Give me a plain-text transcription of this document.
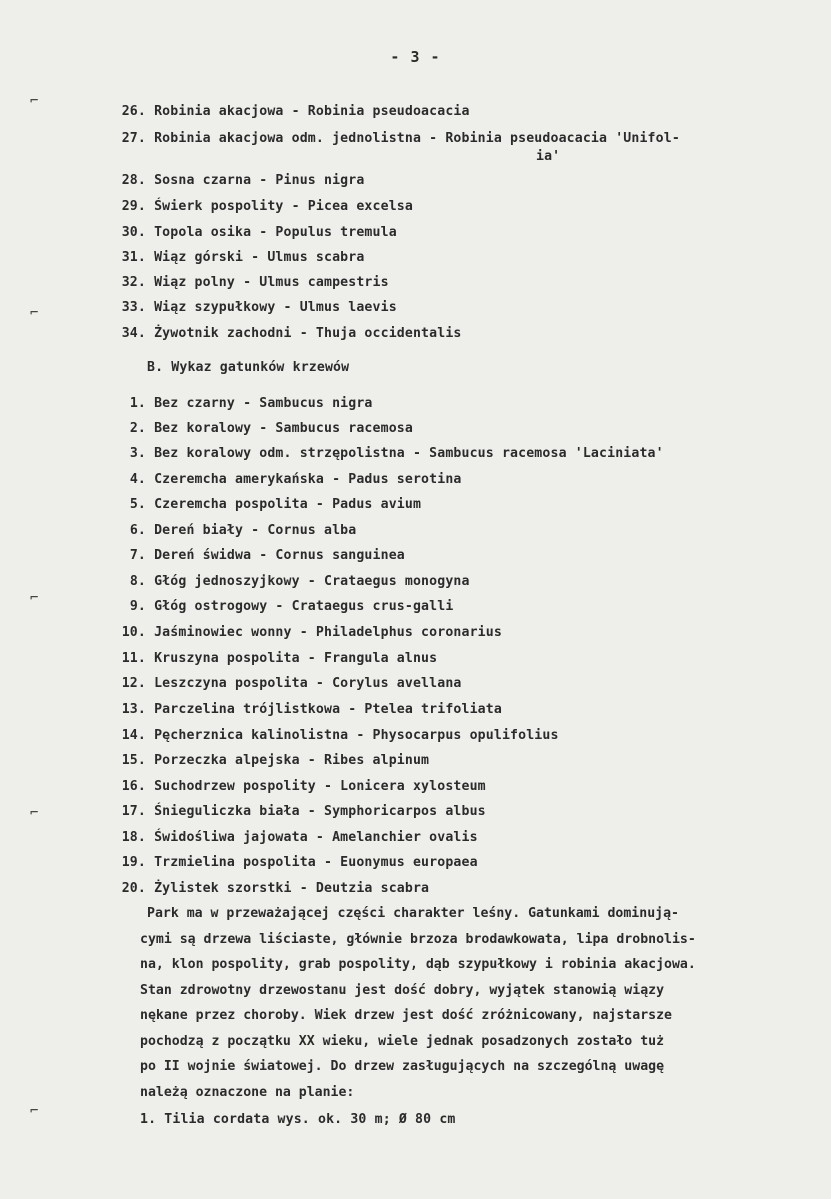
- 3 -
⌐
⌐
⌐
⌐
⌐
26. Robinia akacjowa - Robinia pseudoacacia
27. Robinia akacjowa odm. jednolistna - Robinia pseudoacacia 'Unifol-
ia'
28. Sosna czarna - Pinus nigra
29. Świerk pospolity - Picea excelsa
30. Topola osika - Populus tremula
31. Wiąz górski - Ulmus scabra
32. Wiąz polny - Ulmus campestris
33. Wiąz szypułkowy - Ulmus laevis
34. Żywotnik zachodni - Thuja occidentalis
B. Wykaz gatunków krzewów
1. Bez czarny - Sambucus nigra
2. Bez koralowy - Sambucus racemosa
3. Bez koralowy odm. strzępolistna - Sambucus racemosa 'Laciniata'
4. Czeremcha amerykańska - Padus serotina
5. Czeremcha pospolita - Padus avium
6. Dereń biały - Cornus alba
7. Dereń świdwa - Cornus sanguinea
8. Głóg jednoszyjkowy - Crataegus monogyna
9. Głóg ostrogowy - Crataegus crus-galli
10. Jaśminowiec wonny - Philadelphus coronarius
11. Kruszyna pospolita - Frangula alnus
12. Leszczyna pospolita - Corylus avellana
13. Parczelina trójlistkowa - Ptelea trifoliata
14. Pęcherznica kalinolistna - Physocarpus opulifolius
15. Porzeczka alpejska - Ribes alpinum
16. Suchodrzew pospolity - Lonicera xylosteum
17. Śnieguliczka biała - Symphoricarpos albus
18. Świdośliwa jajowata - Amelanchier ovalis
19. Trzmielina pospolita - Euonymus europaea
20. Żylistek szorstki - Deutzia scabra
Park ma w przeważającej części charakter leśny. Gatunkami dominują-
cymi są drzewa liściaste, głównie brzoza brodawkowata, lipa drobnolis-
na, klon pospolity, grab pospolity, dąb szypułkowy i robinia akacjowa.
Stan zdrowotny drzewostanu jest dość dobry, wyjątek stanowią wiązy
nękane przez choroby. Wiek drzew jest dość zróżnicowany, najstarsze
pochodzą z początku XX wieku, wiele jednak posadzonych zostało tuż
po II wojnie światowej. Do drzew zasługujących na szczególną uwagę
należą oznaczone na planie:
1. Tilia cordata wys. ok. 30 m; Ø 80 cm
